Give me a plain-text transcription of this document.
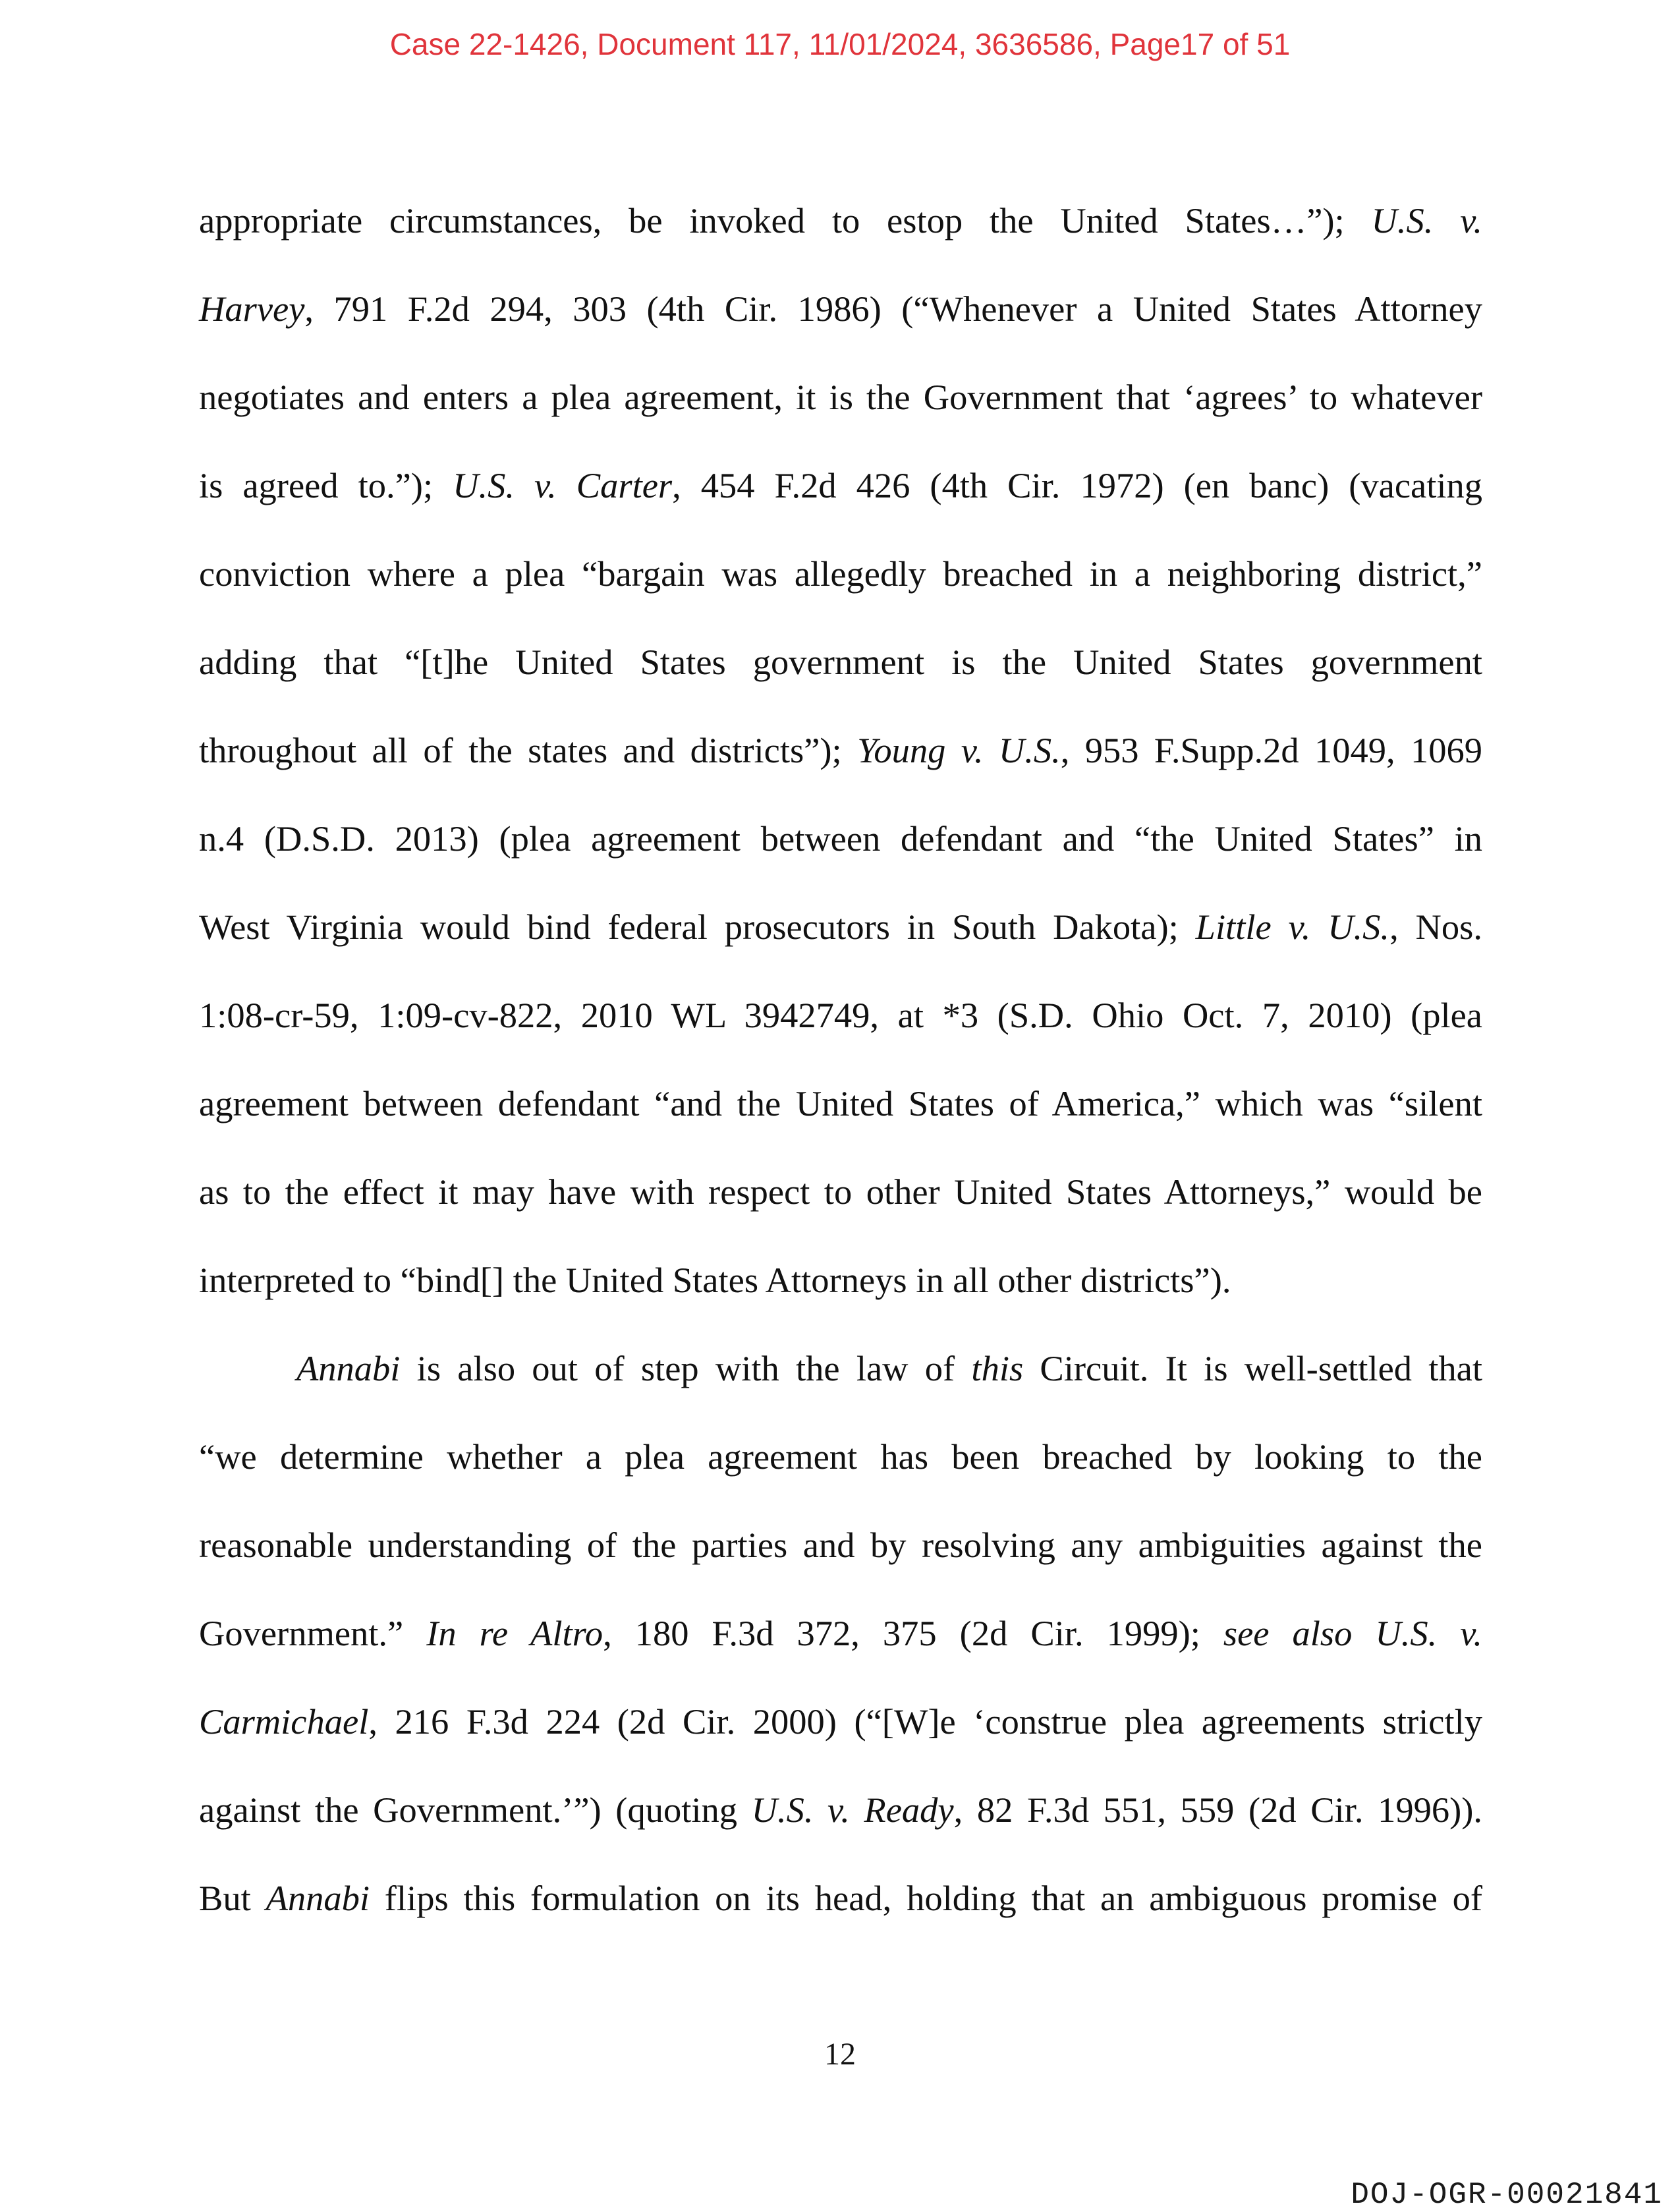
Case 22-1426, Document 117, 11/01/2024, 3636586, Page17 of 51
appropriate circumstances, be invoked to estop the United States…”); U.S. v.
Harvey, 791 F.2d 294, 303 (4th Cir. 1986) (“Whenever a United States Attorney
negotiates and enters a plea agreement, it is the Government that ‘agrees’ to whatever
is agreed to.”); U.S. v. Carter, 454 F.2d 426 (4th Cir. 1972) (en banc) (vacating
conviction where a plea “bargain was allegedly breached in a neighboring district,”
adding that “[t]he United States government is the United States government
throughout all of the states and districts”); Young v. U.S., 953 F.Supp.2d 1049, 1069
n.4 (D.S.D. 2013) (plea agreement between defendant and “the United States” in
West Virginia would bind federal prosecutors in South Dakota); Little v. U.S., Nos.
1:08-cr-59, 1:09-cv-822, 2010 WL 3942749, at *3 (S.D. Ohio Oct. 7, 2010) (plea
agreement between defendant “and the United States of America,” which was “silent
as to the effect it may have with respect to other United States Attorneys,” would be
interpreted to “bind[] the United States Attorneys in all other districts”).
Annabi is also out of step with the law of this Circuit. It is well-settled that
“we determine whether a plea agreement has been breached by looking to the
reasonable understanding of the parties and by resolving any ambiguities against the
Government.” In re Altro, 180 F.3d 372, 375 (2d Cir. 1999); see also U.S. v.
Carmichael, 216 F.3d 224 (2d Cir. 2000) (“[W]e ‘construe plea agreements strictly
against the Government.’”) (quoting U.S. v. Ready, 82 F.3d 551, 559 (2d Cir. 1996)).
But Annabi flips this formulation on its head, holding that an ambiguous promise of
12
DOJ-OGR-00021841
